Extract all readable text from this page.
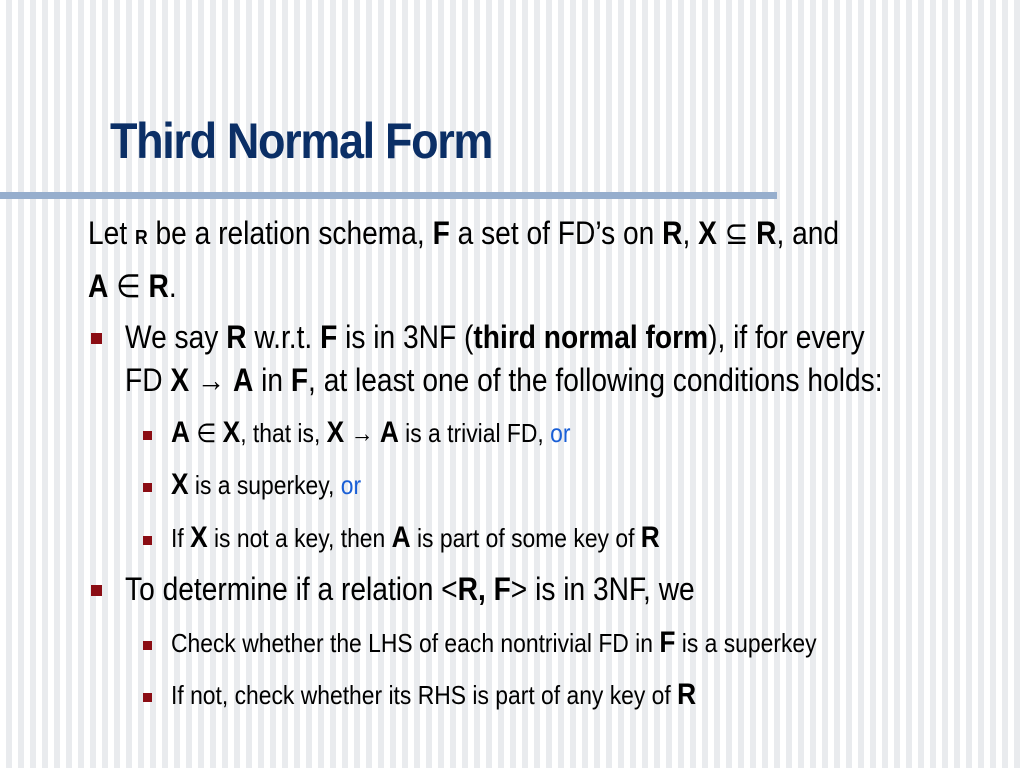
Third Normal Form
Let R be a relation schema, F a set of FD’s on R, X ⊆ R, and
A ∈ R.
We say R w.r.t. F is in 3NF (third normal form), if for every
FD X → A in F, at least one of the following conditions holds:
A ∈ X, that is, X → A is a trivial FD, or
X is a superkey, or
If X is not a key, then A is part of some key of R
To determine if a relation <R, F> is in 3NF, we
Check whether the LHS of each nontrivial FD in F is a superkey
If not, check whether its RHS is part of any key of R
